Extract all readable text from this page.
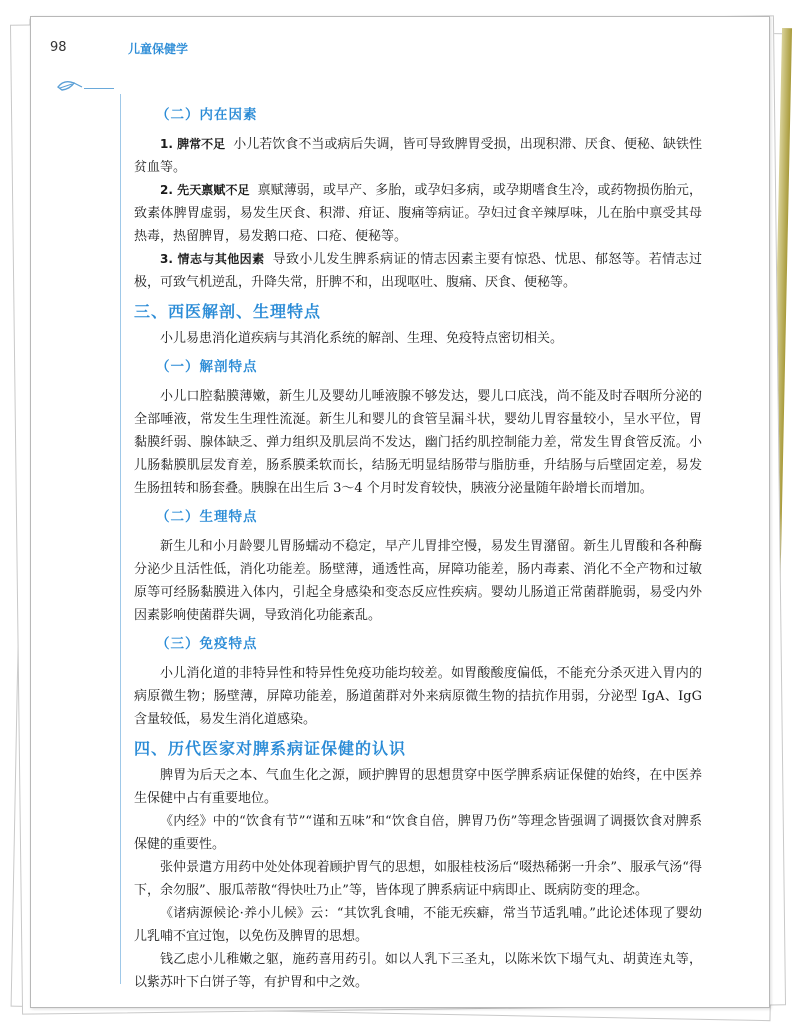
98	儿童保健学
（二）内在因素

1. 脾常不足 小儿若饮食不当或病后失调，皆可导致脾胃受损，出现积滞、厌食、便秘、缺铁性贫血等。

2. 先天禀赋不足 禀赋薄弱，或早产、多胎，或孕妇多病，或孕期嗜食生冷，或药物损伤胎元，致素体脾胃虚弱，易发生厌食、积滞、疳证、腹痛等病证。孕妇过食辛辣厚味，儿在胎中禀受其母热毒，热留脾胃，易发鹅口疮、口疮、便秘等。

3. 情志与其他因素 导致小儿发生脾系病证的情志因素主要有惊恐、忧思、郁怒等。若情志过极，可致气机逆乱，升降失常，肝脾不和，出现呕吐、腹痛、厌食、便秘等。

三、西医解剖、生理特点

小儿易患消化道疾病与其消化系统的解剖、生理、免疫特点密切相关。

（一）解剖特点

小儿口腔黏膜薄嫩，新生儿及婴幼儿唾液腺不够发达，婴儿口底浅，尚不能及时吞咽所分泌的全部唾液，常发生生理性流涎。新生儿和婴儿的食管呈漏斗状，婴幼儿胃容量较小，呈水平位，胃黏膜纤弱、腺体缺乏、弹力组织及肌层尚不发达，幽门括约肌控制能力差，常发生胃食管反流。小儿肠黏膜肌层发育差，肠系膜柔软而长，结肠无明显结肠带与脂肪垂，升结肠与后壁固定差，易发生肠扭转和肠套叠。胰腺在出生后 3～4 个月时发育较快，胰液分泌量随年龄增长而增加。

（二）生理特点

新生儿和小月龄婴儿胃肠蠕动不稳定，早产儿胃排空慢，易发生胃潴留。新生儿胃酸和各种酶分泌少且活性低，消化功能差。肠壁薄，通透性高，屏障功能差，肠内毒素、消化不全产物和过敏原等可经肠黏膜进入体内，引起全身感染和变态反应性疾病。婴幼儿肠道正常菌群脆弱，易受内外因素影响使菌群失调，导致消化功能紊乱。

（三）免疫特点

小儿消化道的非特异性和特异性免疫功能均较差。如胃酸酸度偏低，不能充分杀灭进入胃内的病原微生物；肠壁薄，屏障功能差，肠道菌群对外来病原微生物的拮抗作用弱，分泌型 IgA、IgG 含量较低，易发生消化道感染。

四、历代医家对脾系病证保健的认识

脾胃为后天之本、气血生化之源，顾护脾胃的思想贯穿中医学脾系病证保健的始终，在中医养生保健中占有重要地位。

《内经》中的“饮食有节”“谨和五味”和“饮食自倍，脾胃乃伤”等理念皆强调了调摄饮食对脾系保健的重要性。

张仲景遣方用药中处处体现着顾护胃气的思想，如服桂枝汤后“啜热稀粥一升余”、服承气汤“得下，余勿服”、服瓜蒂散“得快吐乃止”等，皆体现了脾系病证中病即止、既病防变的理念。

《诸病源候论·养小儿候》云：“其饮乳食哺，不能无疾癖，常当节适乳哺。”此论述体现了婴幼儿乳哺不宜过饱，以免伤及脾胃的思想。

钱乙虑小儿稚嫩之躯，施药喜用药引。如以人乳下三圣丸，以陈米饮下塌气丸、胡黄连丸等，以紫苏叶下白饼子等，有护胃和中之效。
